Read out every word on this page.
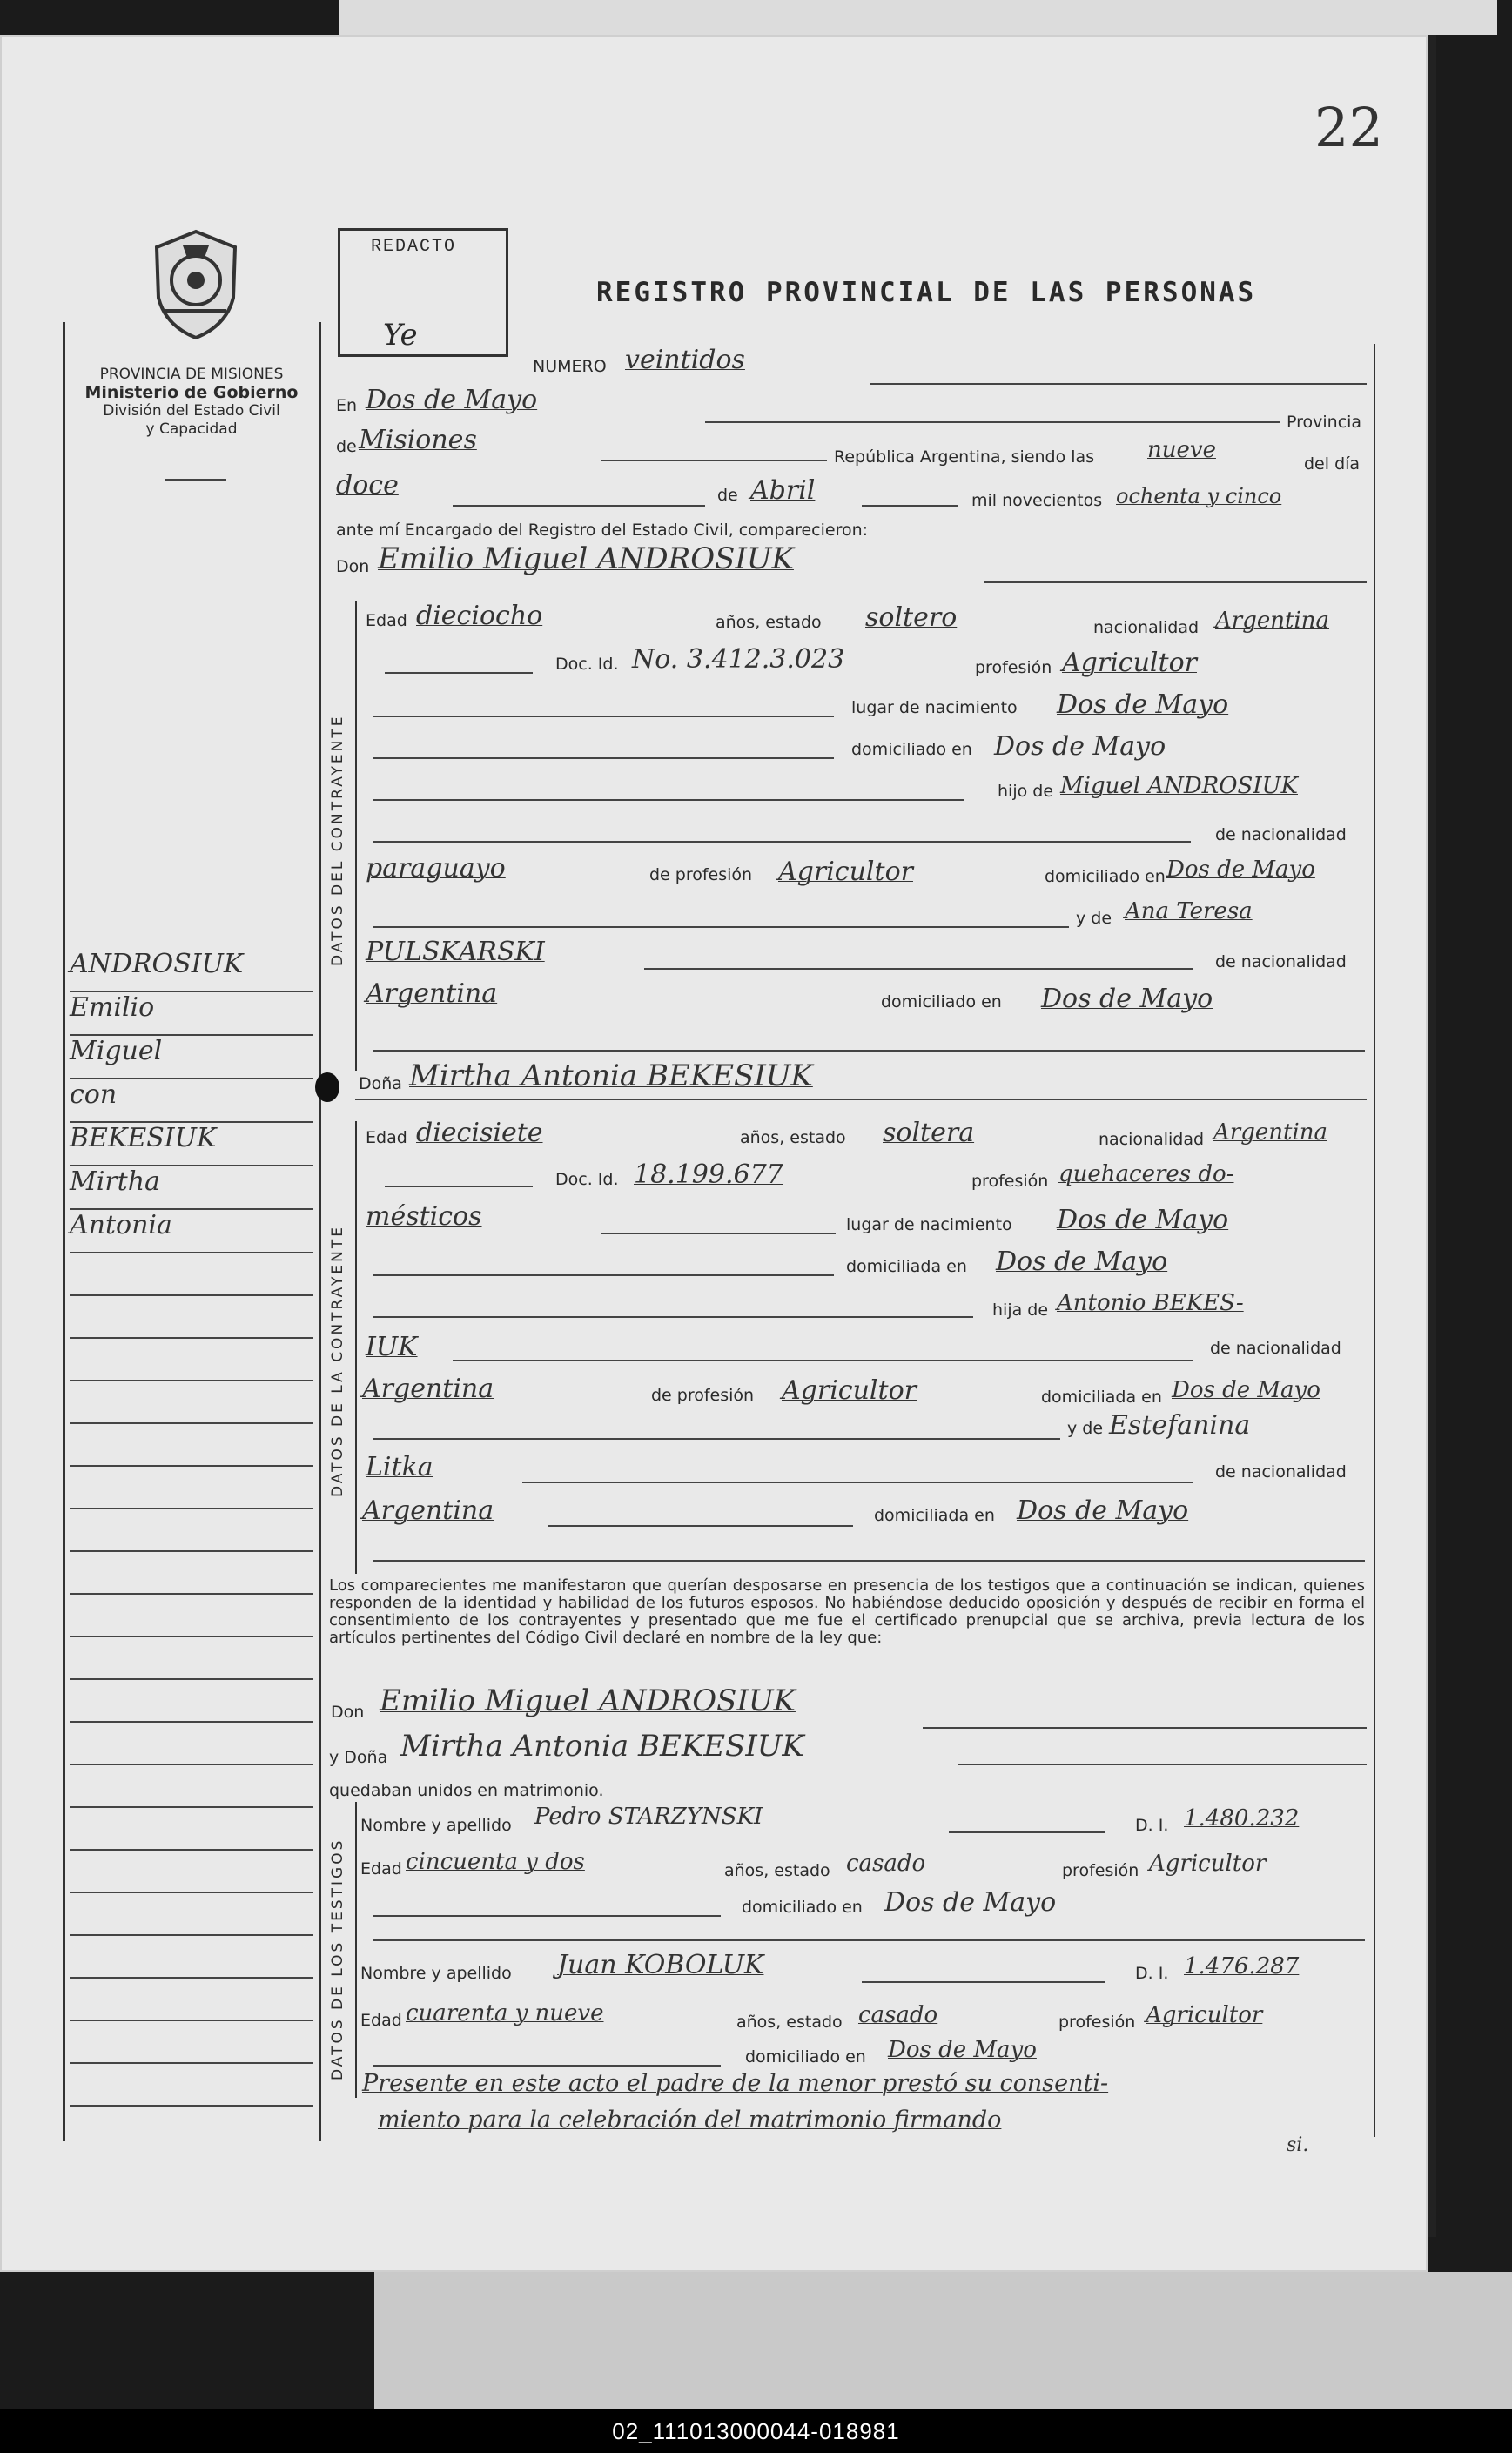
02_111013000044-018981
22
REDACTO
Ye
REGISTRO PROVINCIAL DE LAS PERSONAS
PROVINCIA DE MISIONES
Ministerio de Gobierno
División del Estado Civil
y Capacidad
DATOS DEL CONTRAYENTE
DATOS DE LA CONTRAYENTE
DATOS DE LOS TESTIGOS
ANDROSIUK
Emilio
Miguel
con
BEKESIUK
Mirtha
Antonia
NUMERO veintidos
En Dos de Mayo
Provincia
de Misiones
República Argentina, siendo las nueve
del día
doce	de Abril	mil novecientos ochenta y cinco
ante mí Encargado del Registro del Estado Civil, comparecieron:
Don Emilio Miguel ANDROSIUK
Edad dieciocho	años, estado soltero	nacionalidad Argentina
Doc. Id. No. 3.412.3.023	profesión Agricultor
lugar de nacimiento Dos de Mayo
domiciliado en Dos de Mayo
hijo de Miguel ANDROSIUK
de nacionalidad
paraguayo	de profesión Agricultor	domiciliado en Dos de Mayo
y de Ana Teresa
PULSKARSKI	de nacionalidad
Argentina	domiciliado en Dos de Mayo
Doña Mirtha Antonia BEKESIUK
Edad diecisiete	años, estado soltera	nacionalidad Argentina
Doc. Id. 18.199.677	profesión quehaceres do-
mésticos	lugar de nacimiento Dos de Mayo
domiciliada en Dos de Mayo
hija de Antonio BEKES-
IUK	de nacionalidad
Argentina	de profesión Agricultor	domiciliada en Dos de Mayo
y de Estefanina
Litka	de nacionalidad
Argentina	domiciliada en Dos de Mayo
Los comparecientes me manifestaron que querían desposarse en presencia de los testigos que a continuación se indican, quienes responden de la identidad y habilidad de los futuros esposos. No habiéndose deducido oposición y después de recibir en forma el consentimiento de los contrayentes y presentado que me fue el certificado prenupcial que se archiva, previa lectura de los artículos pertinentes del Código Civil declaré en nombre de la ley que:
Don Emilio Miguel ANDROSIUK
y Doña Mirtha Antonia BEKESIUK
quedaban unidos en matrimonio.
Nombre y apellido Pedro STARZYNSKI	D. I. 1.480.232
Edad cincuenta y dos	años, estado casado	profesión Agricultor
domiciliado en Dos de Mayo
Nombre y apellido Juan KOBOLUK	D. I. 1.476.287
Edad cuarenta y nueve	años, estado casado	profesión Agricultor
domiciliado en Dos de Mayo
Presente en este acto el padre de la menor prestó su consenti-
miento para la celebración del matrimonio firmando
si.
